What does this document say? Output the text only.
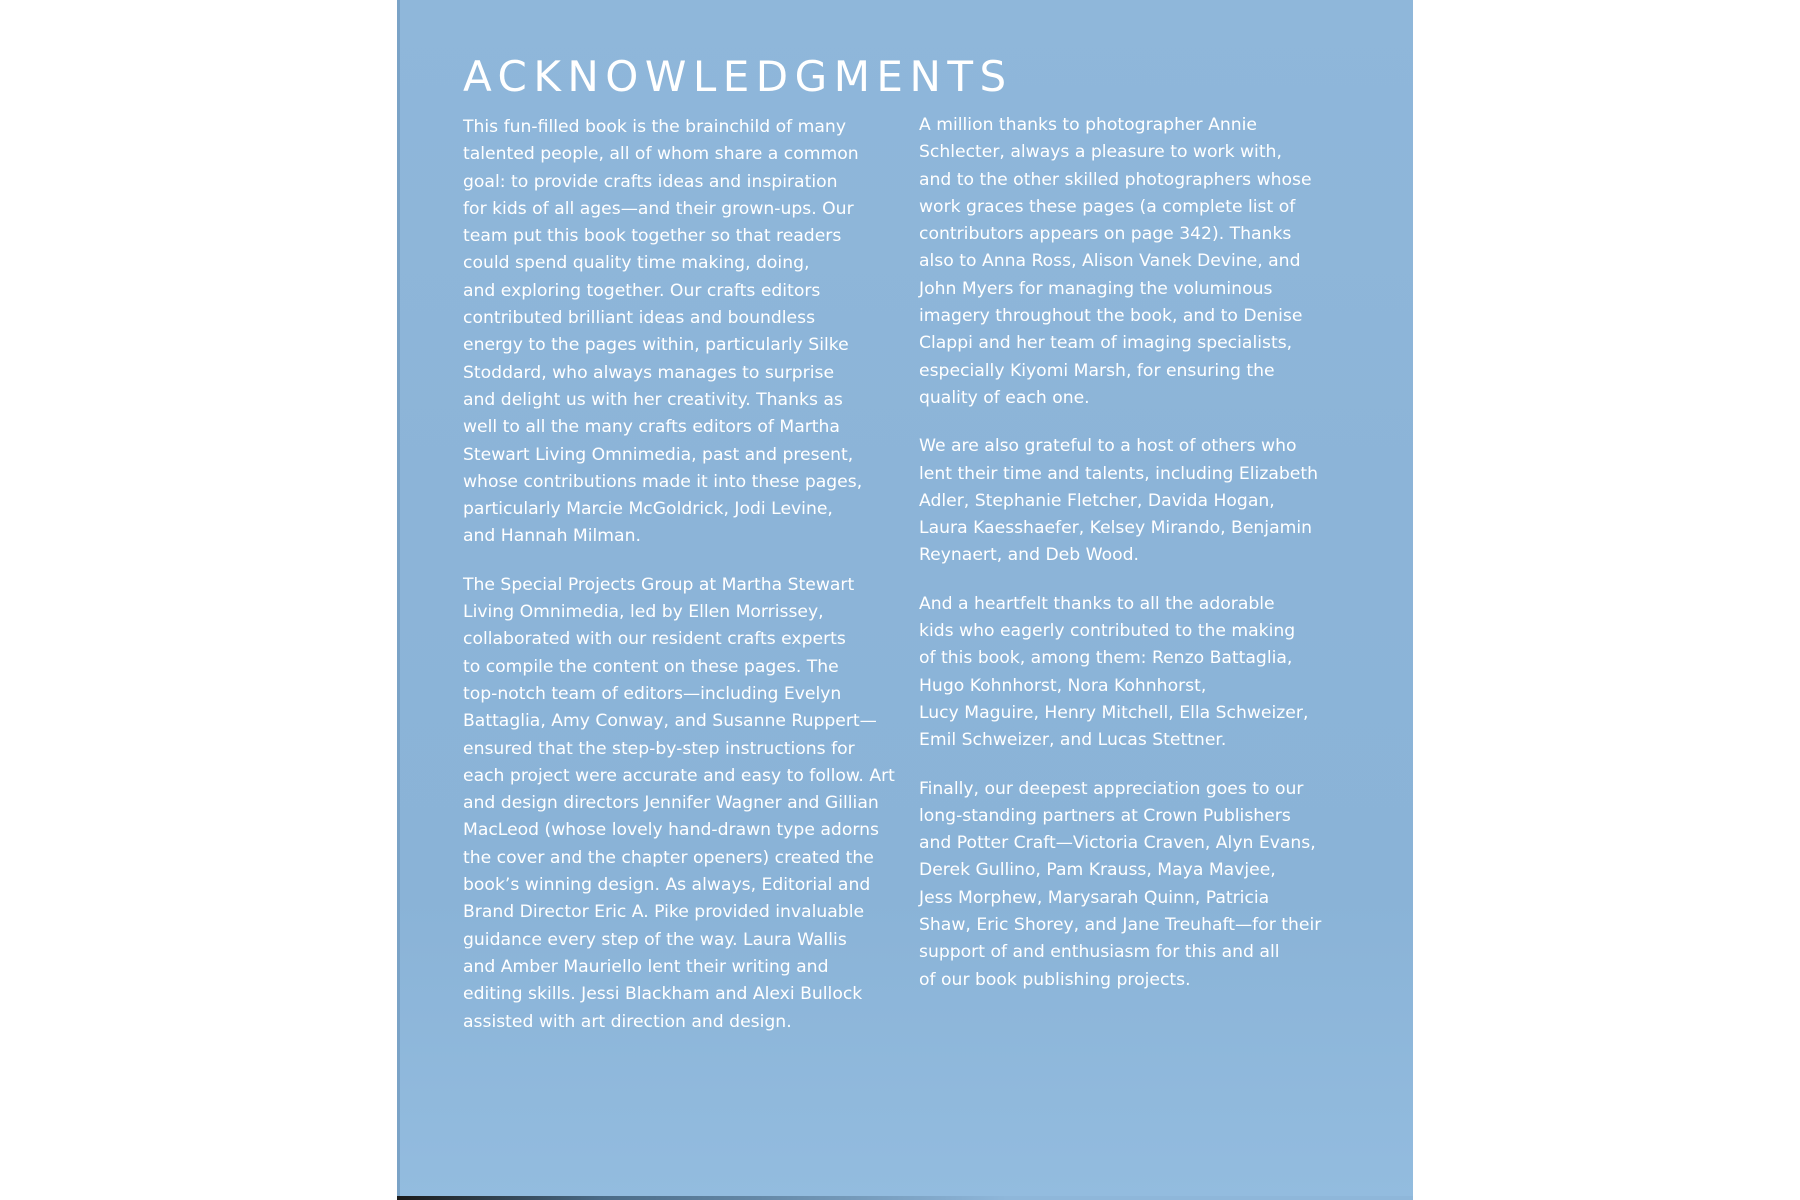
ACKNOWLEDGMENTS

This fun-filled book is the brainchild of many
talented people, all of whom share a common
goal: to provide crafts ideas and inspiration
for kids of all ages—and their grown-ups. Our
team put this book together so that readers
could spend quality time making, doing,
and exploring together. Our crafts editors
contributed brilliant ideas and boundless
energy to the pages within, particularly Silke
Stoddard, who always manages to surprise
and delight us with her creativity. Thanks as
well to all the many crafts editors of Martha
Stewart Living Omnimedia, past and present,
whose contributions made it into these pages,
particularly Marcie McGoldrick, Jodi Levine,
and Hannah Milman.

The Special Projects Group at Martha Stewart
Living Omnimedia, led by Ellen Morrissey,
collaborated with our resident crafts experts
to compile the content on these pages. The
top-notch team of editors—including Evelyn
Battaglia, Amy Conway, and Susanne Ruppert—
ensured that the step-by-step instructions for
each project were accurate and easy to follow. Art
and design directors Jennifer Wagner and Gillian
MacLeod (whose lovely hand-drawn type adorns
the cover and the chapter openers) created the
book’s winning design. As always, Editorial and
Brand Director Eric A. Pike provided invaluable
guidance every step of the way. Laura Wallis
and Amber Mauriello lent their writing and
editing skills. Jessi Blackham and Alexi Bullock
assisted with art direction and design.

A million thanks to photographer Annie
Schlecter, always a pleasure to work with,
and to the other skilled photographers whose
work graces these pages (a complete list of
contributors appears on page 342). Thanks
also to Anna Ross, Alison Vanek Devine, and
John Myers for managing the voluminous
imagery throughout the book, and to Denise
Clappi and her team of imaging specialists,
especially Kiyomi Marsh, for ensuring the
quality of each one.

We are also grateful to a host of others who
lent their time and talents, including Elizabeth
Adler, Stephanie Fletcher, Davida Hogan,
Laura Kaesshaefer, Kelsey Mirando, Benjamin
Reynaert, and Deb Wood.

And a heartfelt thanks to all the adorable
kids who eagerly contributed to the making
of this book, among them: Renzo Battaglia,
Hugo Kohnhorst, Nora Kohnhorst,
Lucy Maguire, Henry Mitchell, Ella Schweizer,
Emil Schweizer, and Lucas Stettner.

Finally, our deepest appreciation goes to our
long-standing partners at Crown Publishers
and Potter Craft—Victoria Craven, Alyn Evans,
Derek Gullino, Pam Krauss, Maya Mavjee,
Jess Morphew, Marysarah Quinn, Patricia
Shaw, Eric Shorey, and Jane Treuhaft—for their
support of and enthusiasm for this and all
of our book publishing projects.
